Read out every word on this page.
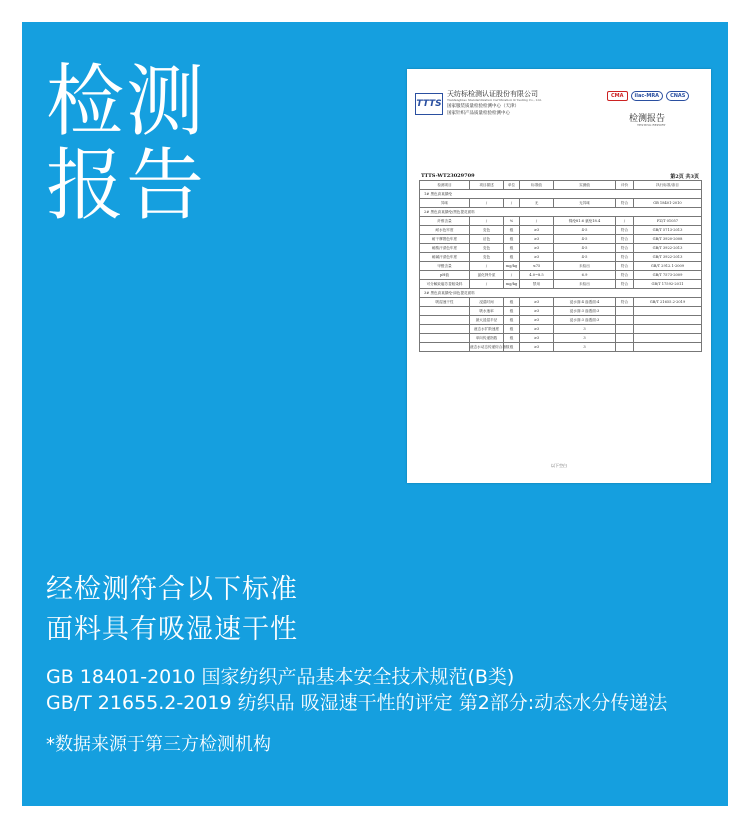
检测
报告
TTTS
天纺标检测认证股份有限公司
Tianfangbiao Standardization Certification & Testing Co., Ltd.
国家服装质量检验检测中心（天津）
国家针织产品质量检验检测中心
CMA	ilac-MRA	CNAS
检测报告
TESTING REPORT
TTTS-WT23029709	第2页 共3页
检测项目	项目描述	单位	标准值	实测值	评价	执行标准/条目
1# 黑色高莫腈纶						
异味	/	/	无	无异味	符合	GB 18401-2010
2# 黑色高莫腈纶/黑色提花面料						
纤维含量	/	%	/	锦纶81.6 氨纶18.4	/	FZ/T 01057
耐水色牢度	变色	级	≥3	4-5	符合	GB/T 5713-2013
耐干摩擦色牢度	沾色	级	≥3	4-5	符合	GB/T 3920-2008
耐酸汗渍色牢度	变色	级	≥3	4-5	符合	GB/T 3922-2013
耐碱汗渍色牢度	变色	级	≥3	4-5	符合	GB/T 3922-2013
甲醛含量	/	mg/kg	≤75	未检出	符合	GB/T 2912.1-2009
pH值	氯化钾介质	/	4.0~8.5	6.9	符合	GB/T 7573-2009
可分解致癌芳香胺染料	/	mg/kg	禁用	未检出	符合	GB/T 17592-2011
3# 黑色高莫腈纶-绿色提花面料						
吸湿速干性	浸湿时间	级	≥3	浸水面:4 渗透面:4	符合	GB/T 21655.2-2019
	吸水速率	级	≥3	浸水面:3 渗透面:3		
	最大浸湿半径	级	≥3	浸水面:3 渗透面:3		
	液态水扩散速度	级	≥3	3		
	单向传递指数	级	≥3	3		
	液态水动态传递综合指数	级	≥3	3		
以下空白
经检测符合以下标准
面料具有吸湿速干性
GB 18401-2010 国家纺织产品基本安全技术规范(B类)
GB/T 21655.2-2019 纺织品 吸湿速干性的评定 第2部分:动态水分传递法
*数据来源于第三方检测机构
